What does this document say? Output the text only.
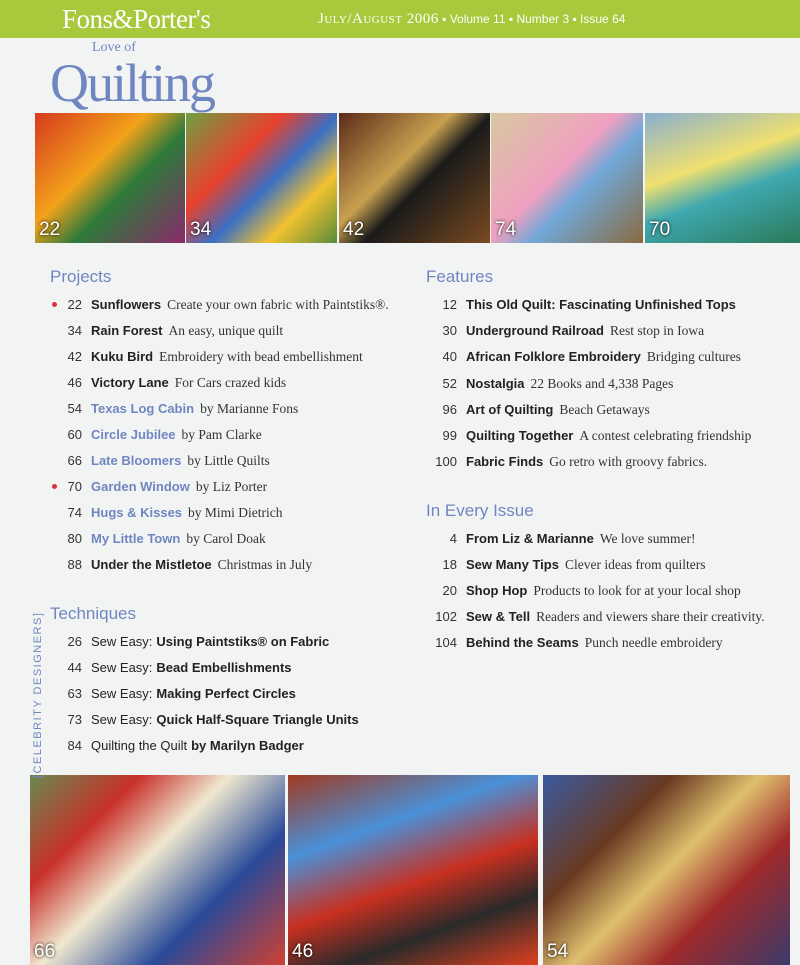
Fons&Porter's	July/August 2006 ▪ Volume 11 ▪ Number 3 ▪ Issue 64
Love of
Quilting
22	34	42	74	70
66	46	54
Projects
[CELEBRITY DESIGNERS]
22 Sunflowers Create your own fabric with Paintstiks®.
34 Rain Forest An easy, unique quilt
42 Kuku Bird Embroidery with bead embellishment
46 Victory Lane For Cars crazed kids
54 Texas Log Cabin by Marianne Fons
60 Circle Jubilee by Pam Clarke
66 Late Bloomers by Little Quilts
70 Garden Window by Liz Porter
74 Hugs & Kisses by Mimi Dietrich
80 My Little Town by Carol Doak
88 Under the Mistletoe Christmas in July
Techniques
26 Sew Easy: Using Paintstiks® on Fabric
44 Sew Easy: Bead Embellishments
63 Sew Easy: Making Perfect Circles
73 Sew Easy: Quick Half-Square Triangle Units
84 Quilting the Quilt by Marilyn Badger
Features
12 This Old Quilt: Fascinating Unfinished Tops
30 Underground Railroad Rest stop in Iowa
40 African Folklore Embroidery Bridging cultures
52 Nostalgia 22 Books and 4,338 Pages
96 Art of Quilting Beach Getaways
99 Quilting Together A contest celebrating friendship
100 Fabric Finds Go retro with groovy fabrics.
In Every Issue
4 From Liz & Marianne We love summer!
18 Sew Many Tips Clever ideas from quilters
20 Shop Hop Products to look for at your local shop
102 Sew & Tell Readers and viewers share their creativity.
104 Behind the Seams Punch needle embroidery
